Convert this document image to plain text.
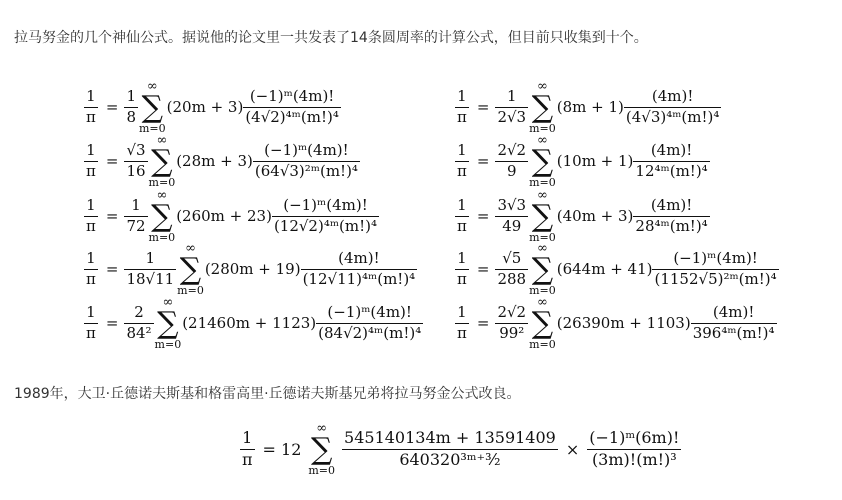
拉马努金的几个神仙公式。据说他的论文里一共发表了14条圆周率的计算公式，但目前只收集到十个。
$\frac{1}{\pi} = \frac{1}{8}$
∞
∑
m=0
$(20m + 3) \frac{\text{(−1)ᵐ(4m)!}}{\text{(4√2)⁴ᵐ(m!)⁴}}$
$\frac{1}{\pi} = \frac{√3}{16}$
∞
∑
m=0
$(28m + 3) \frac{\text{(−1)ᵐ(4m)!}}{\text{(64√3)²ᵐ(m!)⁴}}$
$\frac{1}{\pi} = \frac{1}{72}$
∞
∑
m=0
$(260m + 23) \frac{\text{(−1)ᵐ(4m)!}}{\text{(12√2)⁴ᵐ(m!)⁴}}$
$\frac{1}{\pi} = \frac{1}{18√11}$
∞
∑
m=0
$(280m + 19) \frac{(4m)!}{\text{(12√11)⁴ᵐ(m!)⁴}}$
$\frac{1}{\pi} = \frac{2}{\text{84²}}$
∞
∑
m=0
$(21460m + 1123) \frac{\text{(−1)ᵐ(4m)!}}{\text{(84√2)⁴ᵐ(m!)⁴}}$
$\frac{1}{\pi} = \frac{1}{2√3}$
∞
∑
m=0
$(8m + 1) \frac{(4m)!}{\text{(4√3)⁴ᵐ(m!)⁴}}$
$\frac{1}{\pi} = \frac{2√2}{9}$
∞
∑
m=0
$(10m + 1) \frac{(4m)!}{\text{12⁴ᵐ(m!)⁴}}$
$\frac{1}{\pi} = \frac{3√3}{49}$
∞
∑
m=0
$(40m + 3) \frac{(4m)!}{\text{28⁴ᵐ(m!)⁴}}$
$\frac{1}{\pi} = \frac{√5}{288}$
∞
∑
m=0
$(644m + 41) \frac{\text{(−1)ᵐ(4m)!}}{\text{(1152√5)²ᵐ(m!)⁴}}$
$\frac{1}{\pi} = \frac{2√2}{\text{99²}}$
∞
∑
m=0
$(26390m + 1103) \frac{(4m)!}{\text{396⁴ᵐ(m!)⁴}}$
1989年，大卫·丘德诺夫斯基和格雷高里·丘德诺夫斯基兄弟将拉马努金公式改良。
$\frac{1}{\pi} = 12$
∞
∑
m=0
$\frac{545140134m + 13591409}{\text{640320³ᵐ⁺³⁄₂}} \times \frac{\text{(−1)ᵐ(6m)!}}{\text{(3m)!(m!)³}}$
